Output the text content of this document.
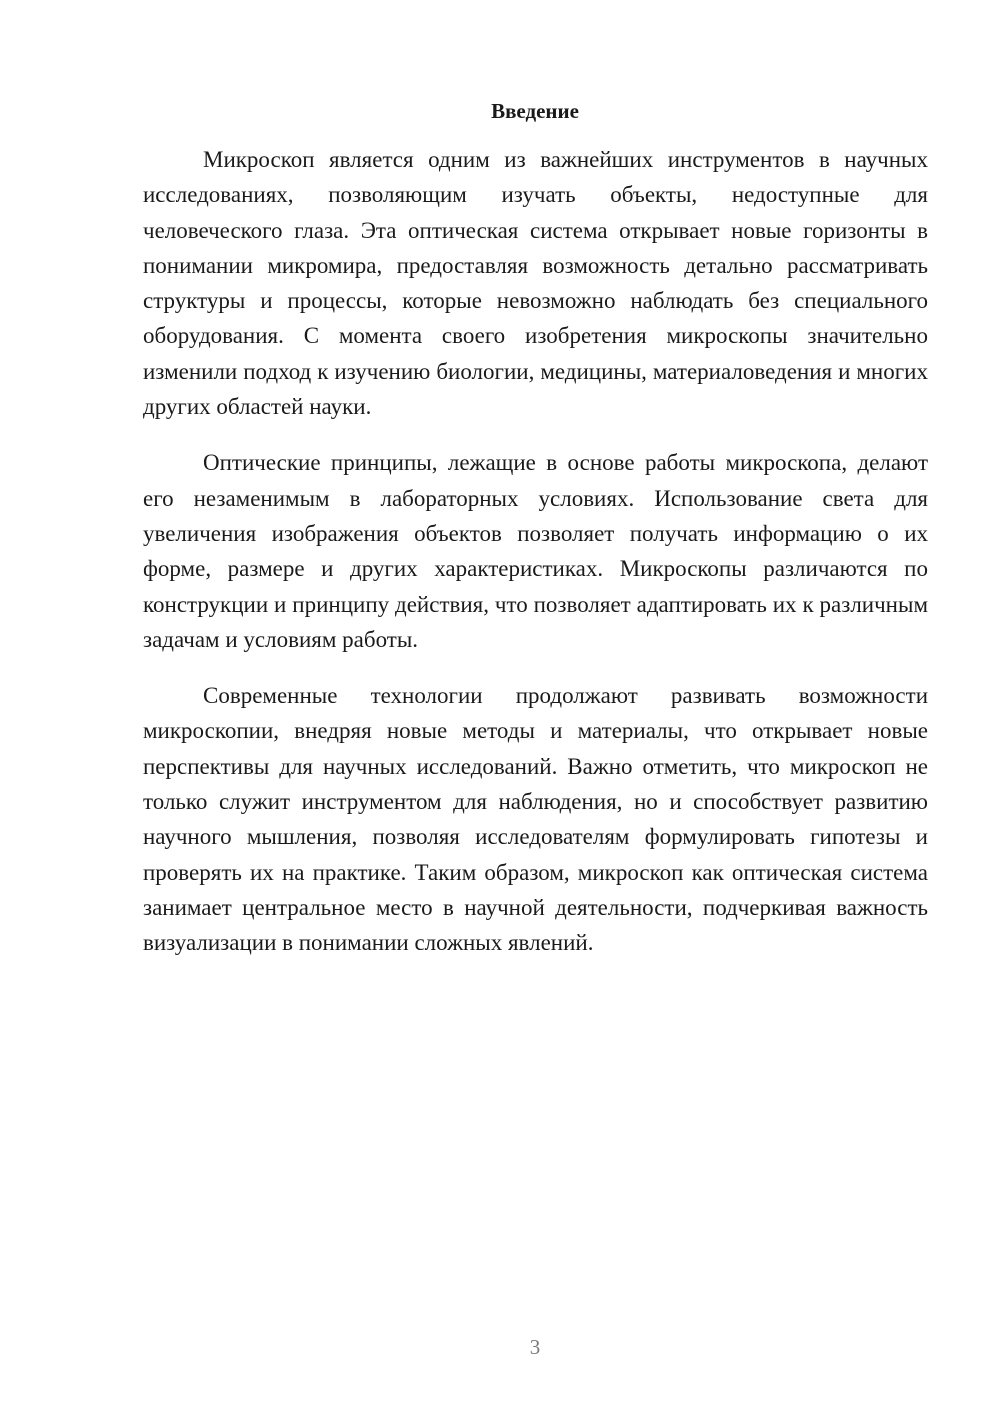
Введение

Микроскоп является одним из важнейших инструментов в научных исследованиях, позволяющим изучать объекты, недоступные для человеческого глаза. Эта оптическая система открывает новые горизонты в понимании микромира, предоставляя возможность детально рассматривать структуры и процессы, которые невозможно наблюдать без специального оборудования. С момента своего изобретения микроскопы значительно изменили подход к изучению биологии, медицины, материаловедения и многих других областей науки.

Оптические принципы, лежащие в основе работы микроскопа, делают его незаменимым в лабораторных условиях. Использование света для увеличения изображения объектов позволяет получать информацию о их форме, размере и других характеристиках. Микроскопы различаются по конструкции и принципу действия, что позволяет адаптировать их к различным задачам и условиям работы.

Современные технологии продолжают развивать возможности микроскопии, внедряя новые методы и материалы, что открывает новые перспективы для научных исследований. Важно отметить, что микроскоп не только служит инструментом для наблюдения, но и способствует развитию научного мышления, позволяя исследователям формулировать гипотезы и проверять их на практике. Таким образом, микроскоп как оптическая система занимает центральное место в научной деятельности, подчеркивая важность визуализации в понимании сложных явлений.

3
